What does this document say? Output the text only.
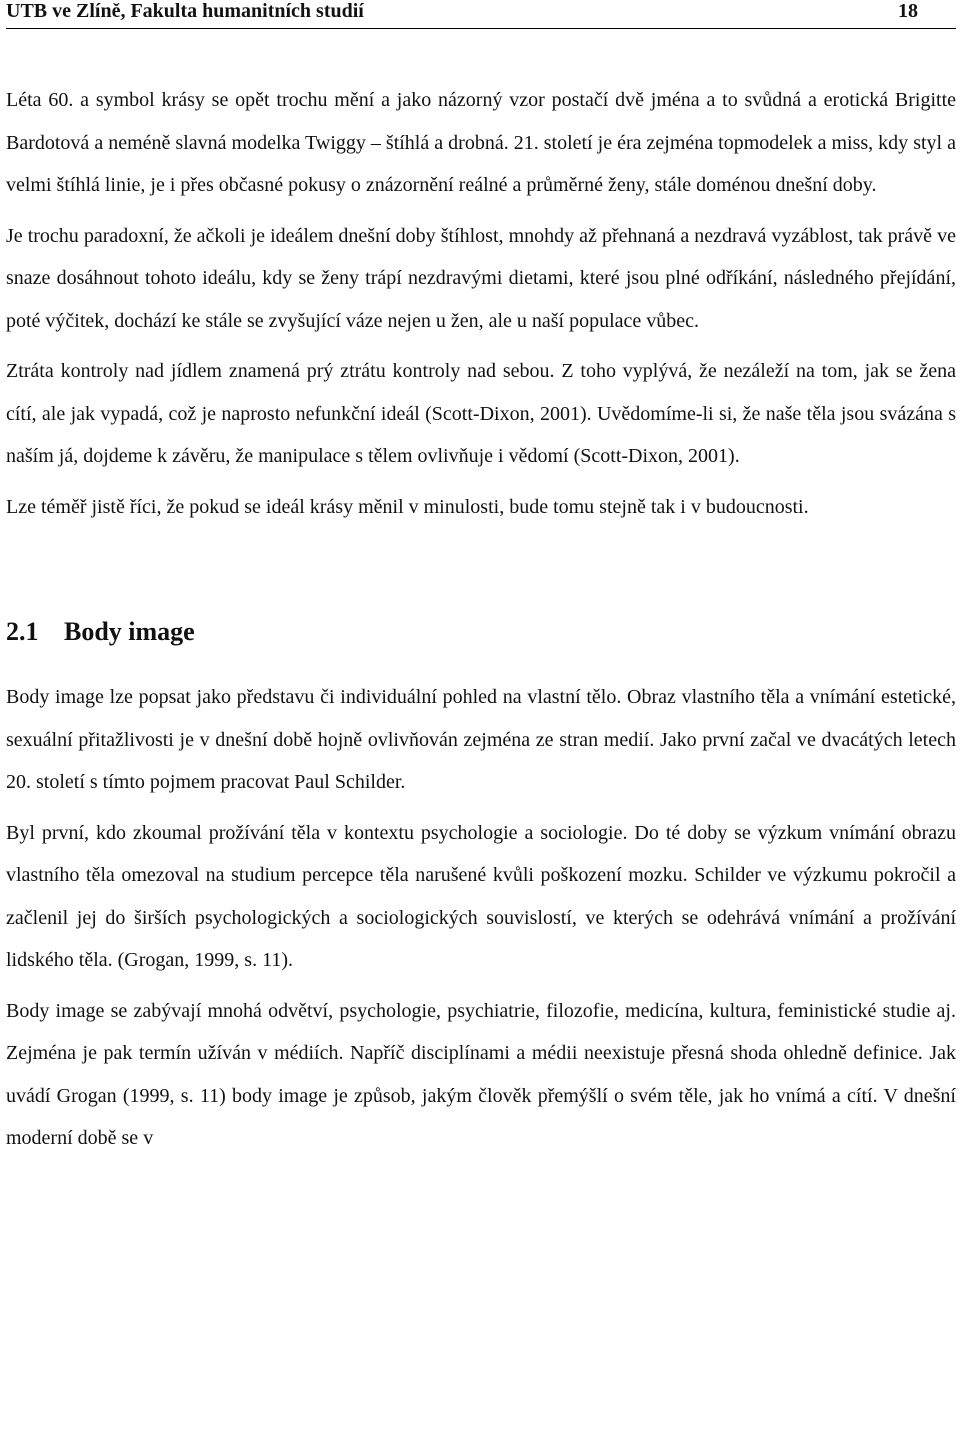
UTB ve Zlíně, Fakulta humanitních studií	18

Léta 60. a symbol krásy se opět trochu mění a jako názorný vzor postačí dvě jména a to svůdná a erotická Brigitte Bardotová a neméně slavná modelka Twiggy – štíhlá a drobná. 21. století je éra zejména topmodelek a miss, kdy styl a velmi štíhlá linie, je i přes občasné pokusy o znázornění reálné a průměrné ženy, stále doménou dnešní doby.

Je trochu paradoxní, že ačkoli je ideálem dnešní doby štíhlost, mnohdy až přehnaná a nezdravá vyzáblost, tak právě ve snaze dosáhnout tohoto ideálu, kdy se ženy trápí nezdravými dietami, které jsou plné odříkání, následného přejídání, poté výčitek, dochází ke stále se zvyšující váze nejen u žen, ale u naší populace vůbec.

Ztráta kontroly nad jídlem znamená prý ztrátu kontroly nad sebou. Z toho vyplývá, že nezáleží na tom, jak se žena cítí, ale jak vypadá, což je naprosto nefunkční ideál (Scott-Dixon, 2001). Uvědomíme-li si, že naše těla jsou svázána s naším já, dojdeme k závěru, že manipulace s tělem ovlivňuje i vědomí (Scott-Dixon, 2001).

Lze téměř jistě říci, že pokud se ideál krásy měnil v minulosti, bude tomu stejně tak i v budoucnosti.

2.1 Body image

Body image lze popsat jako představu či individuální pohled na vlastní tělo. Obraz vlastního těla a vnímání estetické, sexuální přitažlivosti je v dnešní době hojně ovlivňován zejména ze stran medií. Jako první začal ve dvacátých letech 20. století s tímto pojmem pracovat Paul Schilder.

Byl první, kdo zkoumal prožívání těla v kontextu psychologie a sociologie. Do té doby se výzkum vnímání obrazu vlastního těla omezoval na studium percepce těla narušené kvůli poškození mozku. Schilder ve výzkumu pokročil a začlenil jej do širších psychologických a sociologických souvislostí, ve kterých se odehrává vnímání a prožívání lidského těla. (Grogan, 1999, s. 11).

Body image se zabývají mnohá odvětví, psychologie, psychiatrie, filozofie, medicína, kultura, feministické studie aj. Zejména je pak termín užíván v médiích. Napříč disciplínami a médii neexistuje přesná shoda ohledně definice. Jak uvádí Grogan (1999, s. 11) body image je způsob, jakým člověk přemýšlí o svém těle, jak ho vnímá a cítí. V dnešní moderní době se v
